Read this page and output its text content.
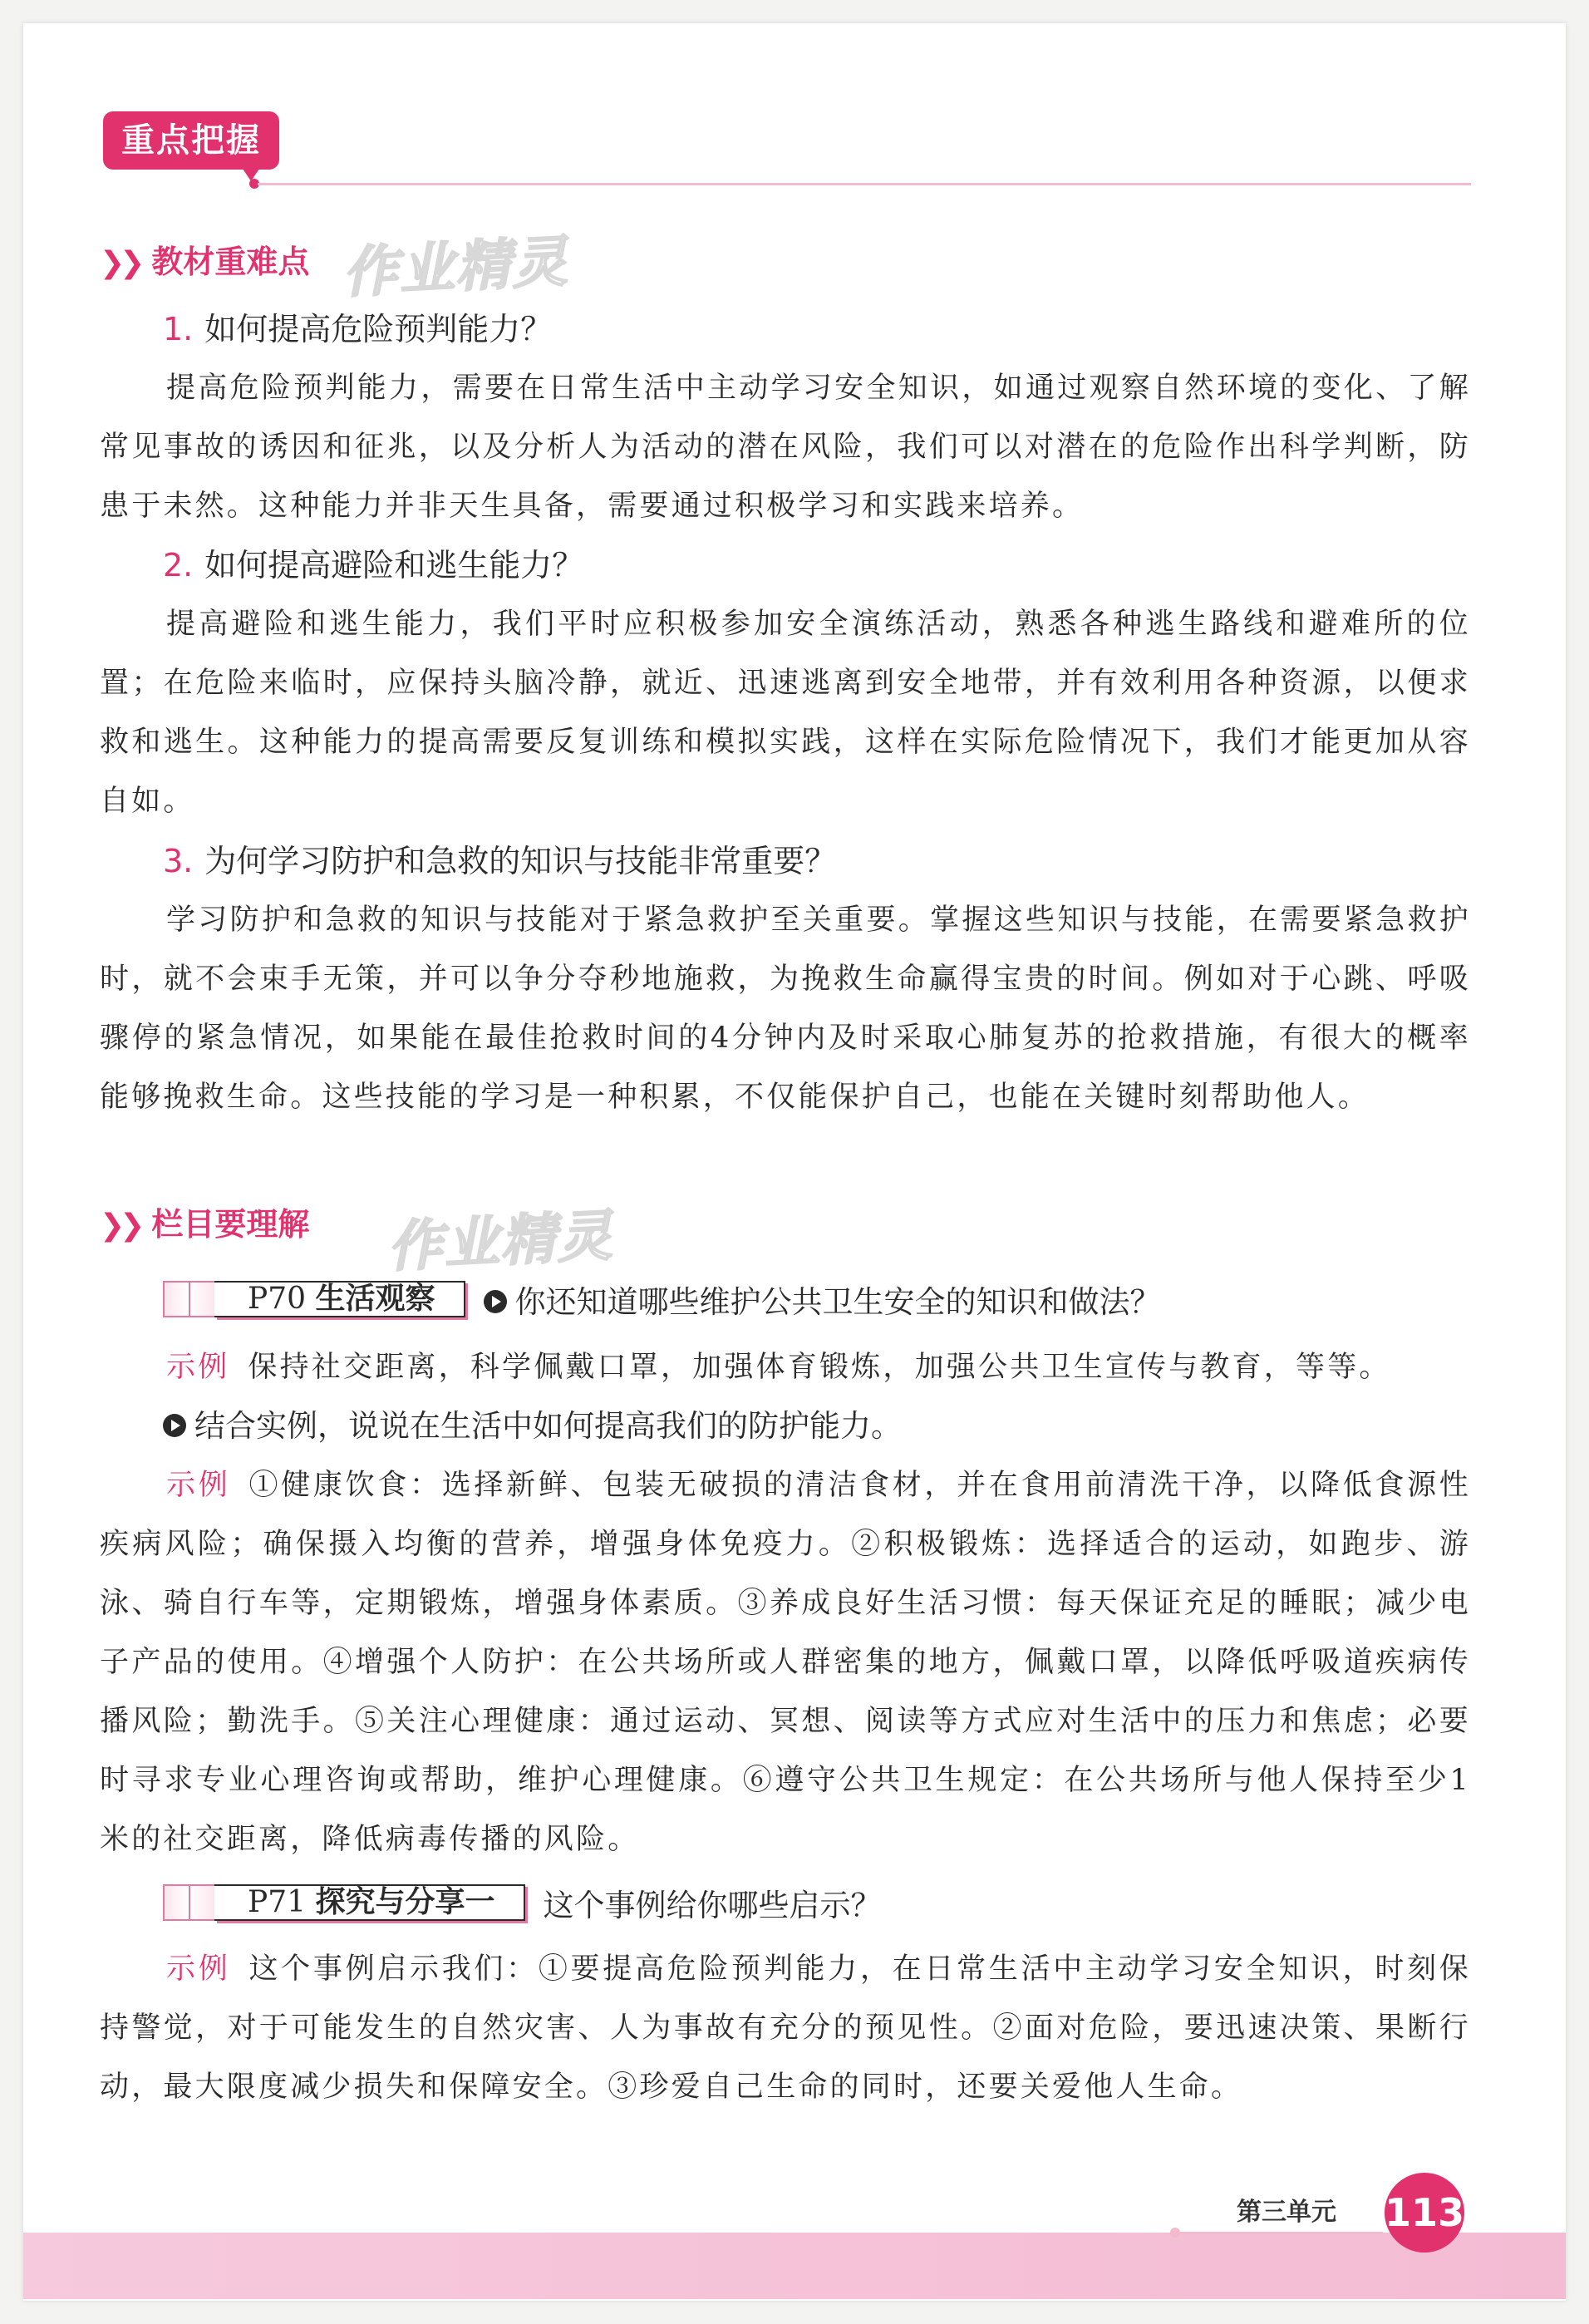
重点把握
❯❯ 教材重难点 作业精灵
1. 如何提高危险预判能力？

提高危险预判能力，需要在日常生活中主动学习安全知识，如通过观察自然环境的变化、了解常见事故的诱因和征兆，以及分析人为活动的潜在风险，我们可以对潜在的危险作出科学判断，防患于未然。这种能力并非天生具备，需要通过积极学习和实践来培养。

2. 如何提高避险和逃生能力？

提高避险和逃生能力，我们平时应积极参加安全演练活动，熟悉各种逃生路线和避难所的位置；在危险来临时，应保持头脑冷静，就近、迅速逃离到安全地带，并有效利用各种资源，以便求救和逃生。这种能力的提高需要反复训练和模拟实践，这样在实际危险情况下，我们才能更加从容自如。

3. 为何学习防护和急救的知识与技能非常重要？

学习防护和急救的知识与技能对于紧急救护至关重要。掌握这些知识与技能，在需要紧急救护时，就不会束手无策，并可以争分夺秒地施救，为挽救生命赢得宝贵的时间。例如对于心跳、呼吸骤停的紧急情况，如果能在最佳抢救时间的4分钟内及时采取心肺复苏的抢救措施，有很大的概率能够挽救生命。这些技能的学习是一种积累，不仅能保护自己，也能在关键时刻帮助他人。

❯❯ 栏目要理解 作业精灵
P70 生活观察	你还知道哪些维护公共卫生安全的知识和做法？

示例 保持社交距离，科学佩戴口罩，加强体育锻炼，加强公共卫生宣传与教育，等等。

结合实例，说说在生活中如何提高我们的防护能力。

示例 ①健康饮食：选择新鲜、包装无破损的清洁食材，并在食用前清洗干净，以降低食源性疾病风险；确保摄入均衡的营养，增强身体免疫力。②积极锻炼：选择适合的运动，如跑步、游泳、骑自行车等，定期锻炼，增强身体素质。③养成良好生活习惯：每天保证充足的睡眠；减少电子产品的使用。④增强个人防护：在公共场所或人群密集的地方，佩戴口罩，以降低呼吸道疾病传播风险；勤洗手。⑤关注心理健康：通过运动、冥想、阅读等方式应对生活中的压力和焦虑；必要时寻求专业心理咨询或帮助，维护心理健康。⑥遵守公共卫生规定：在公共场所与他人保持至少1米的社交距离，降低病毒传播的风险。

P71 探究与分享一	这个事例给你哪些启示？

示例 这个事例启示我们：①要提高危险预判能力，在日常生活中主动学习安全知识，时刻保持警觉，对于可能发生的自然灾害、人为事故有充分的预见性。②面对危险，要迅速决策、果断行动，最大限度减少损失和保障安全。③珍爱自己生命的同时，还要关爱他人生命。

第三单元 113
